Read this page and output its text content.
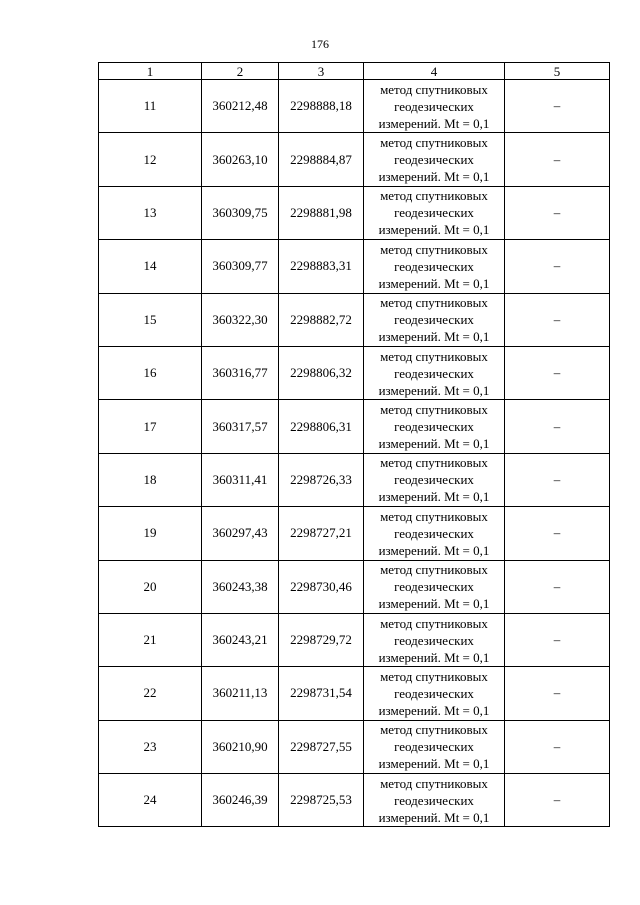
176
1	2	3	4	5
11	360212,48	2298888,18	метод спутниковых
геодезических
измерений. Mt = 0,1	–
12	360263,10	2298884,87	метод спутниковых
геодезических
измерений. Mt = 0,1	–
13	360309,75	2298881,98	метод спутниковых
геодезических
измерений. Mt = 0,1	–
14	360309,77	2298883,31	метод спутниковых
геодезических
измерений. Mt = 0,1	–
15	360322,30	2298882,72	метод спутниковых
геодезических
измерений. Mt = 0,1	–
16	360316,77	2298806,32	метод спутниковых
геодезических
измерений. Mt = 0,1	–
17	360317,57	2298806,31	метод спутниковых
геодезических
измерений. Mt = 0,1	–
18	360311,41	2298726,33	метод спутниковых
геодезических
измерений. Mt = 0,1	–
19	360297,43	2298727,21	метод спутниковых
геодезических
измерений. Mt = 0,1	–
20	360243,38	2298730,46	метод спутниковых
геодезических
измерений. Mt = 0,1	–
21	360243,21	2298729,72	метод спутниковых
геодезических
измерений. Mt = 0,1	–
22	360211,13	2298731,54	метод спутниковых
геодезических
измерений. Mt = 0,1	–
23	360210,90	2298727,55	метод спутниковых
геодезических
измерений. Mt = 0,1	–
24	360246,39	2298725,53	метод спутниковых
геодезических
измерений. Mt = 0,1	–
